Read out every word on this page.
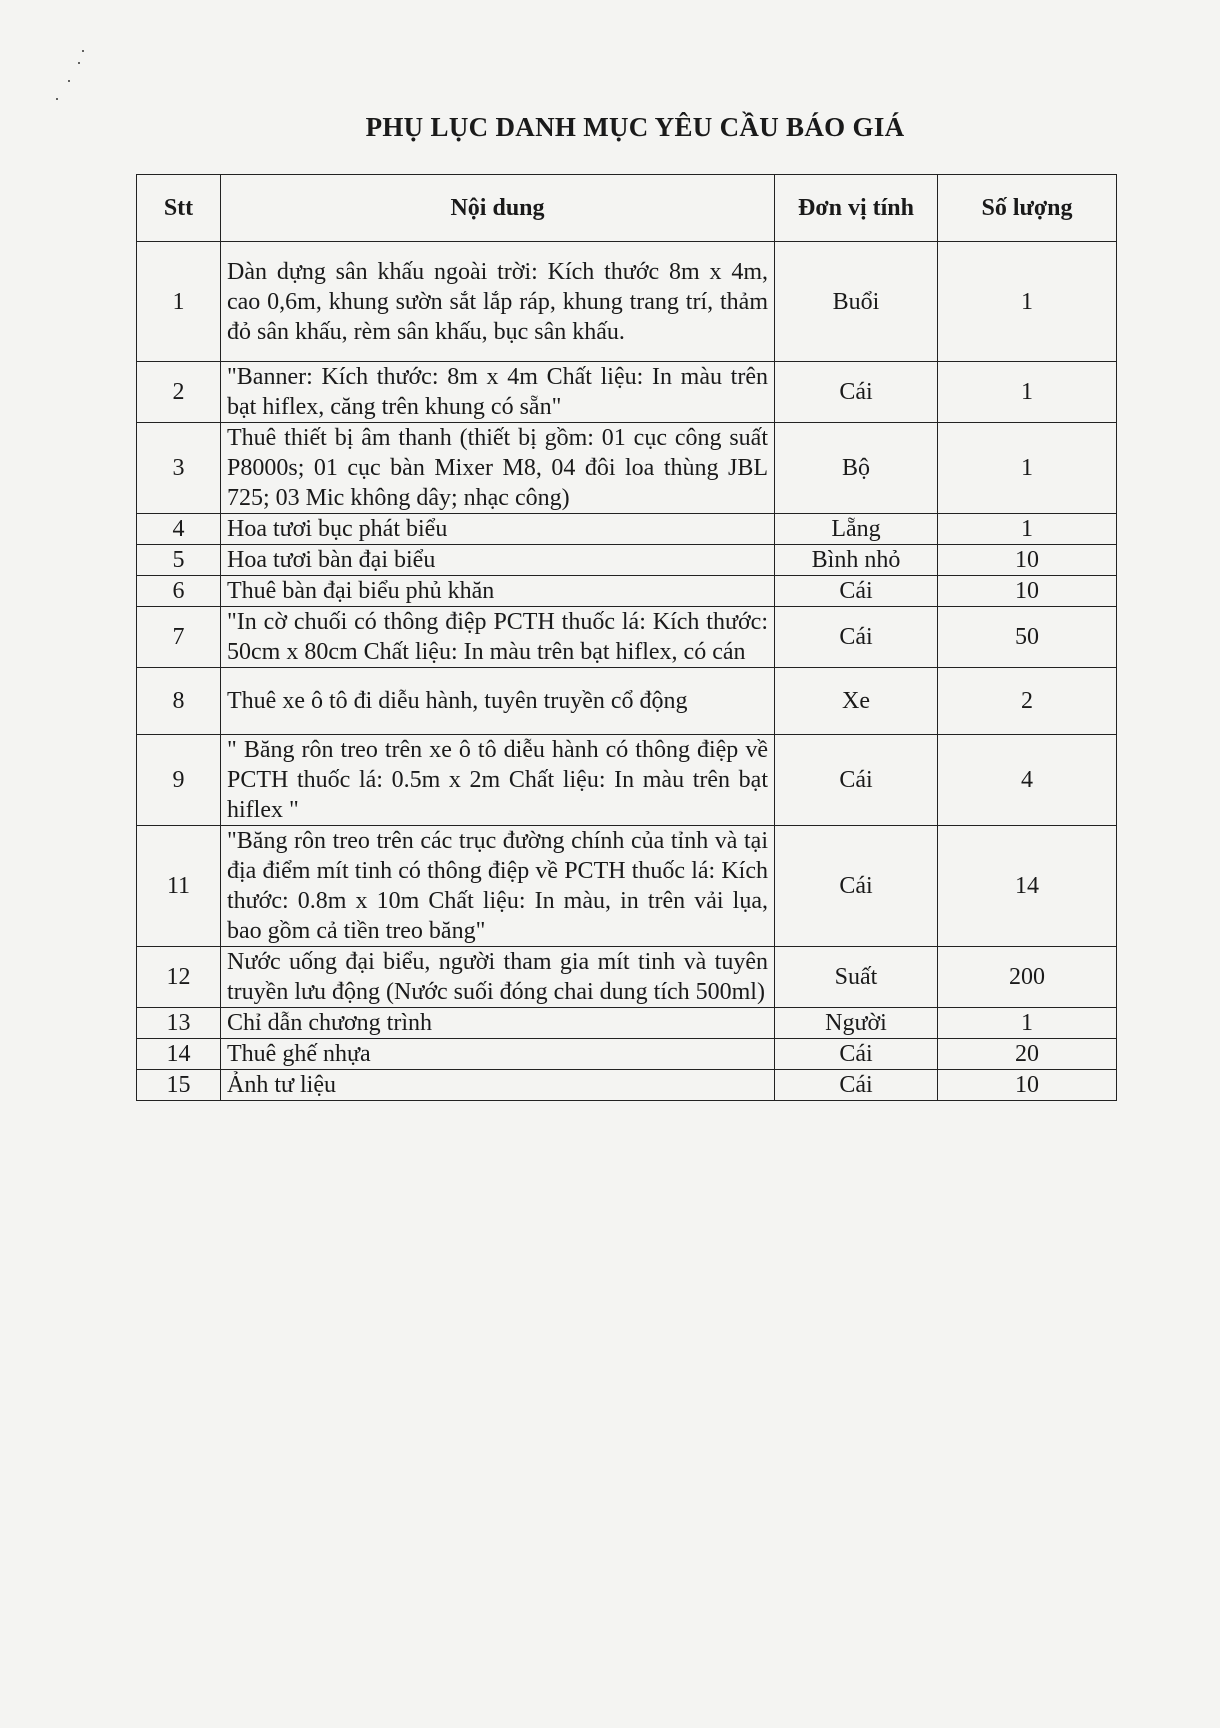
PHỤ LỤC DANH MỤC YÊU CẦU BÁO GIÁ
Stt	Nội dung	Đơn vị tính	Số lượng
1	Dàn dựng sân khấu ngoài trời: Kích thước 8m x 4m, cao 0,6m, khung sườn sắt lắp ráp, khung trang trí, thảm đỏ sân khấu, rèm sân khấu, bục sân khấu.	Buổi	1
2	"Banner: Kích thước: 8m x 4m Chất liệu: In màu trên bạt hiflex, căng trên khung có sẵn"	Cái	1
3	Thuê thiết bị âm thanh (thiết bị gồm: 01 cục công suất P8000s; 01 cục bàn Mixer M8, 04 đôi loa thùng JBL 725; 03 Mic không dây; nhạc công)	Bộ	1
4	Hoa tươi bục phát biểu	Lẵng	1
5	Hoa tươi bàn đại biểu	Bình nhỏ	10
6	Thuê bàn đại biểu phủ khăn	Cái	10
7	"In cờ chuối có thông điệp PCTH thuốc lá: Kích thước: 50cm x 80cm Chất liệu: In màu trên bạt hiflex, có cán	Cái	50
8	Thuê xe ô tô đi diễu hành, tuyên truyền cổ động	Xe	2
9	" Băng rôn treo trên xe ô tô diễu hành có thông điệp về PCTH thuốc lá: 0.5m x 2m Chất liệu: In màu trên bạt hiflex "	Cái	4
11	"Băng rôn treo trên các trục đường chính của tỉnh và tại địa điểm mít tinh có thông điệp về PCTH thuốc lá: Kích thước: 0.8m x 10m Chất liệu: In màu, in trên vải lụa, bao gồm cả tiền treo băng"	Cái	14
12	Nước uống đại biểu, người tham gia mít tinh và tuyên truyền lưu động (Nước suối đóng chai dung tích 500ml)	Suất	200
13	Chỉ dẫn chương trình	Người	1
14	Thuê ghế nhựa	Cái	20
15	Ảnh tư liệu	Cái	10
